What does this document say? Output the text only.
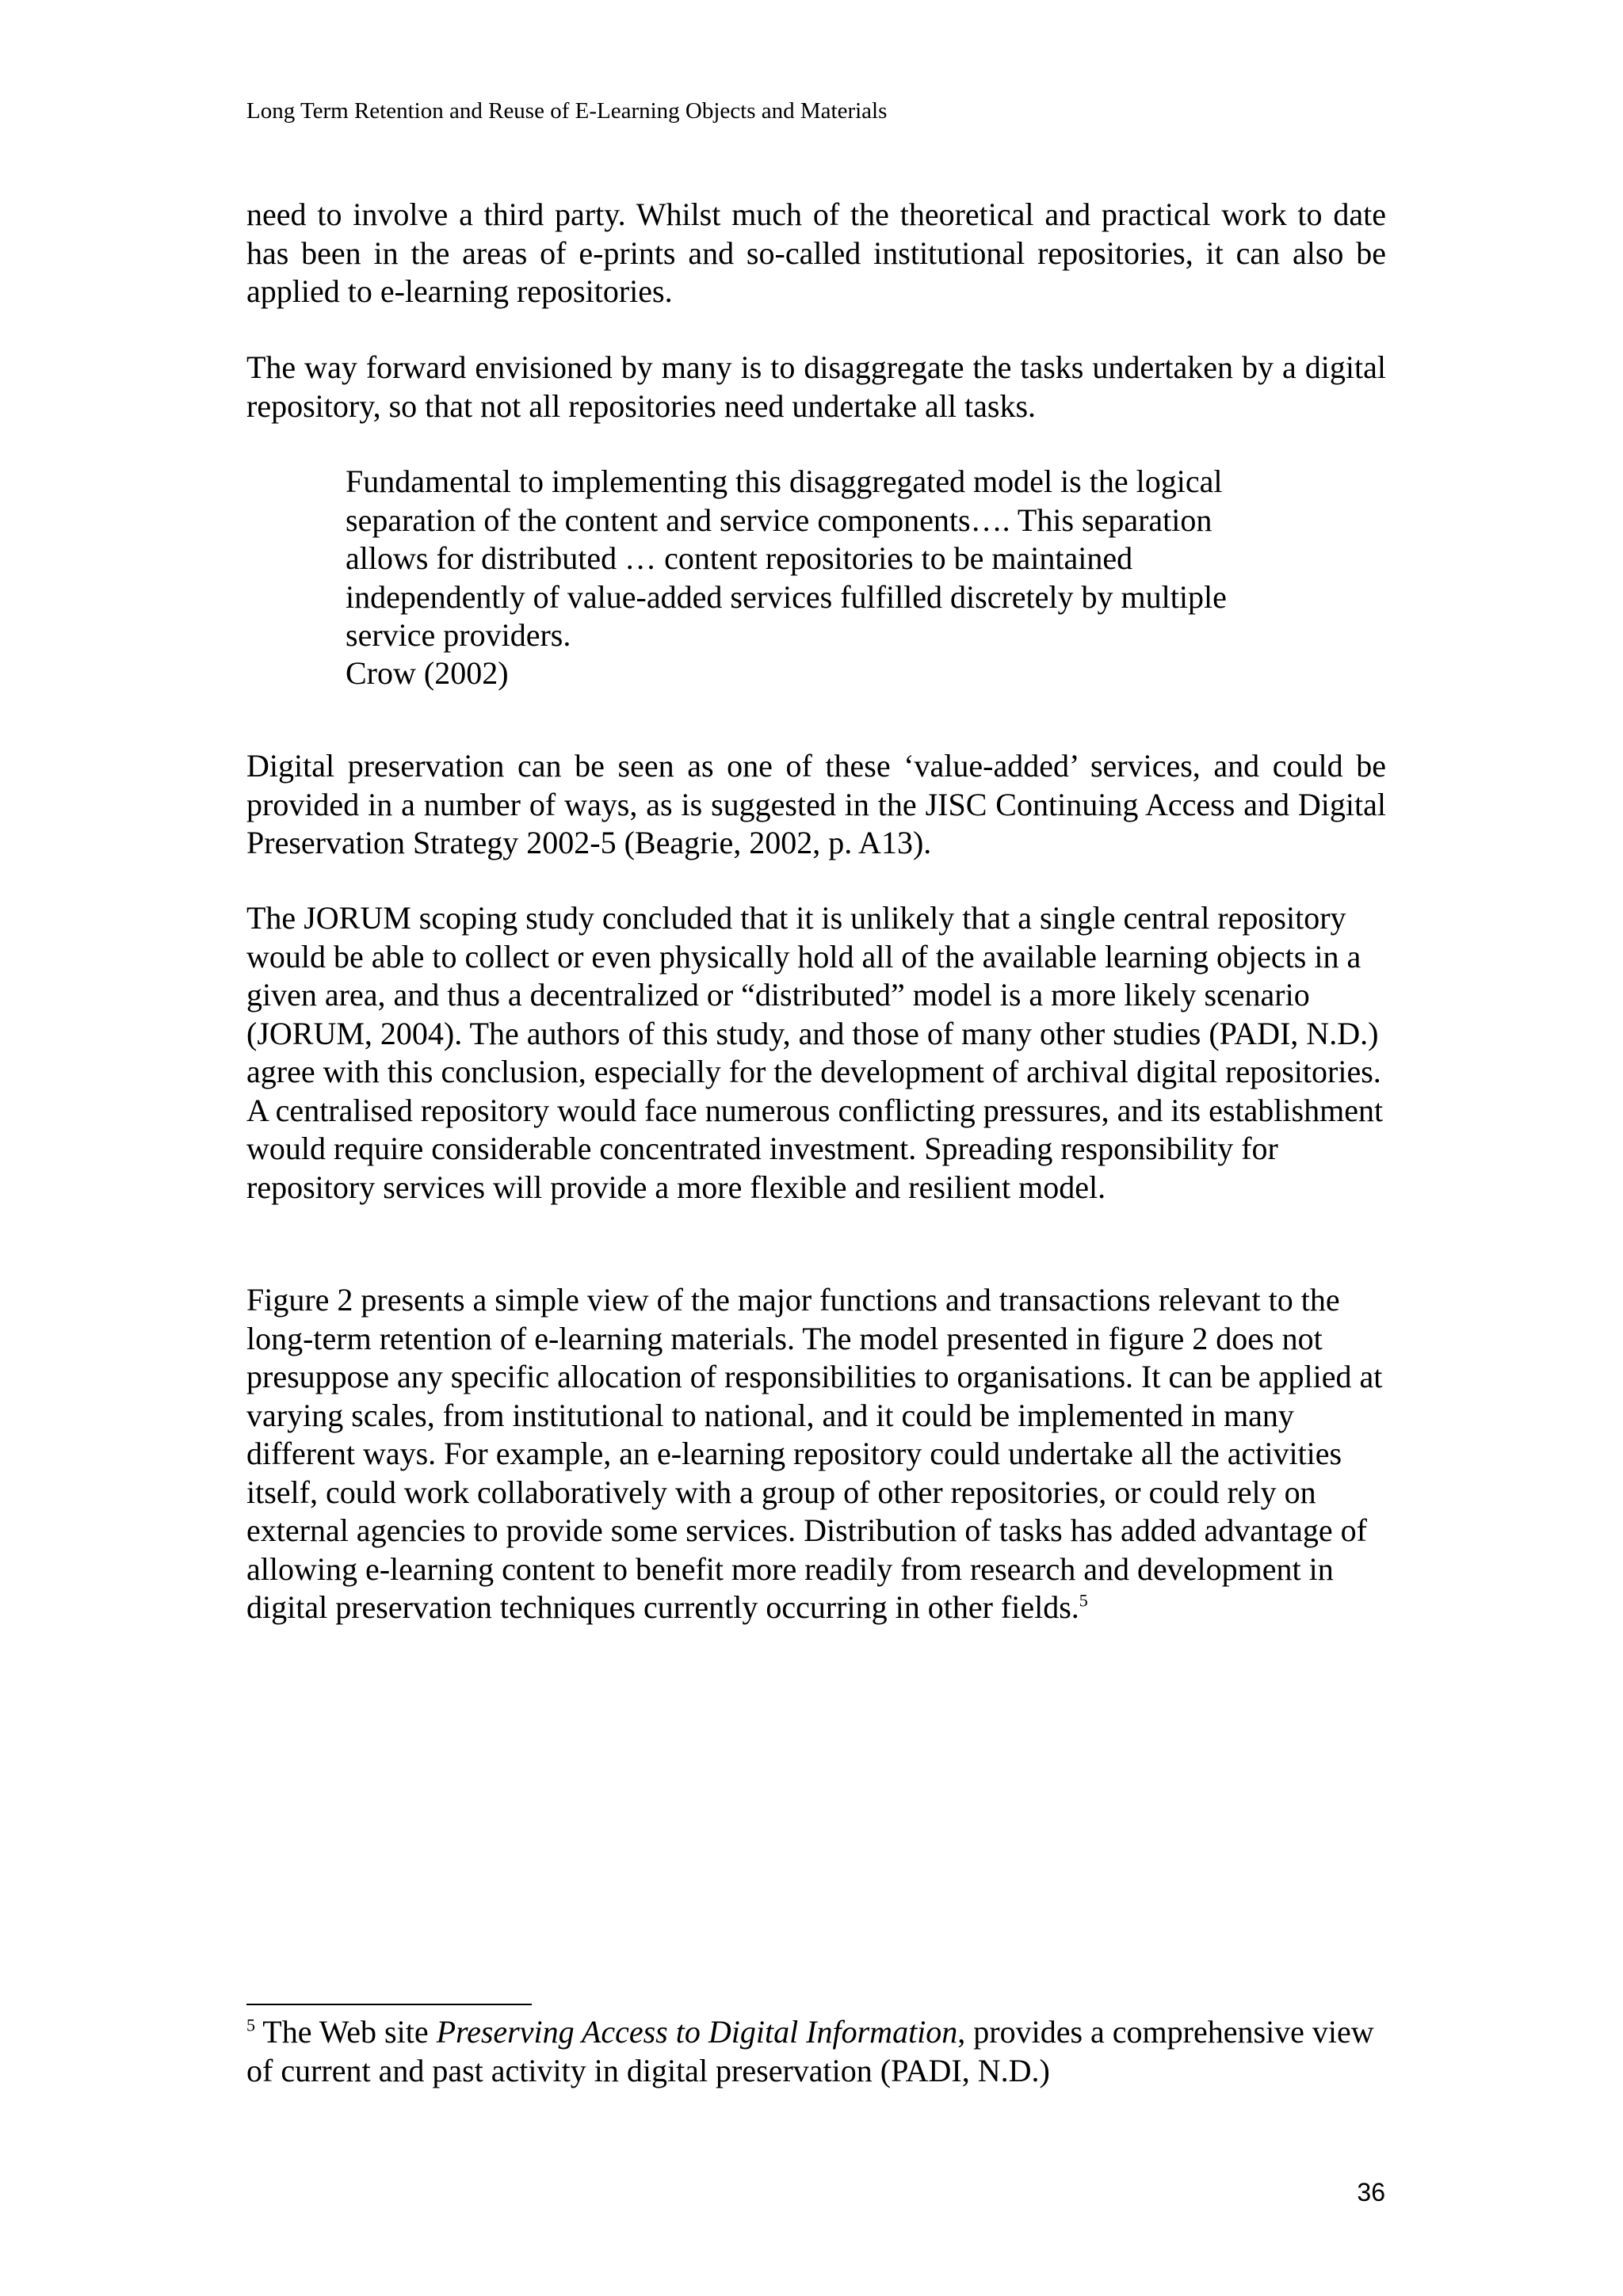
Long Term Retention and Reuse of E-Learning Objects and Materials

need to involve a third party. Whilst much of the theoretical and practical work to date has been in the areas of e-prints and so-called institutional repositories, it can also be applied to e-learning repositories.

The way forward envisioned by many is to disaggregate the tasks undertaken by a digital repository, so that not all repositories need undertake all tasks.

Fundamental to implementing this disaggregated model is the logical separation of the content and service components…. This separation allows for distributed … content repositories to be maintained independently of value-added services fulfilled discretely by multiple service providers.

Crow (2002)

Digital preservation can be seen as one of these ‘value-added’ services, and could be provided in a number of ways, as is suggested in the JISC Continuing Access and Digital Preservation Strategy 2002-5 (Beagrie, 2002, p. A13).

The JORUM scoping study concluded that it is unlikely that a single central repository would be able to collect or even physically hold all of the available learning objects in a given area, and thus a decentralized or “distributed” model is a more likely scenario (JORUM, 2004). The authors of this study, and those of many other studies (PADI, N.D.) agree with this conclusion, especially for the development of archival digital repositories. A centralised repository would face numerous conflicting pressures, and its establishment would require considerable concentrated investment. Spreading responsibility for repository services will provide a more flexible and resilient model.

Figure 2 presents a simple view of the major functions and transactions relevant to the long-term retention of e-learning materials. The model presented in figure 2 does not presuppose any specific allocation of responsibilities to organisations. It can be applied at varying scales, from institutional to national, and it could be implemented in many different ways. For example, an e-learning repository could undertake all the activities itself, could work collaboratively with a group of other repositories, or could rely on external agencies to provide some services. Distribution of tasks has added advantage of allowing e-learning content to benefit more readily from research and development in digital preservation techniques currently occurring in other fields.$^5$

$^5$ The Web site Preserving Access to Digital Information, provides a comprehensive view of current and past activity in digital preservation (PADI, N.D.)

36
